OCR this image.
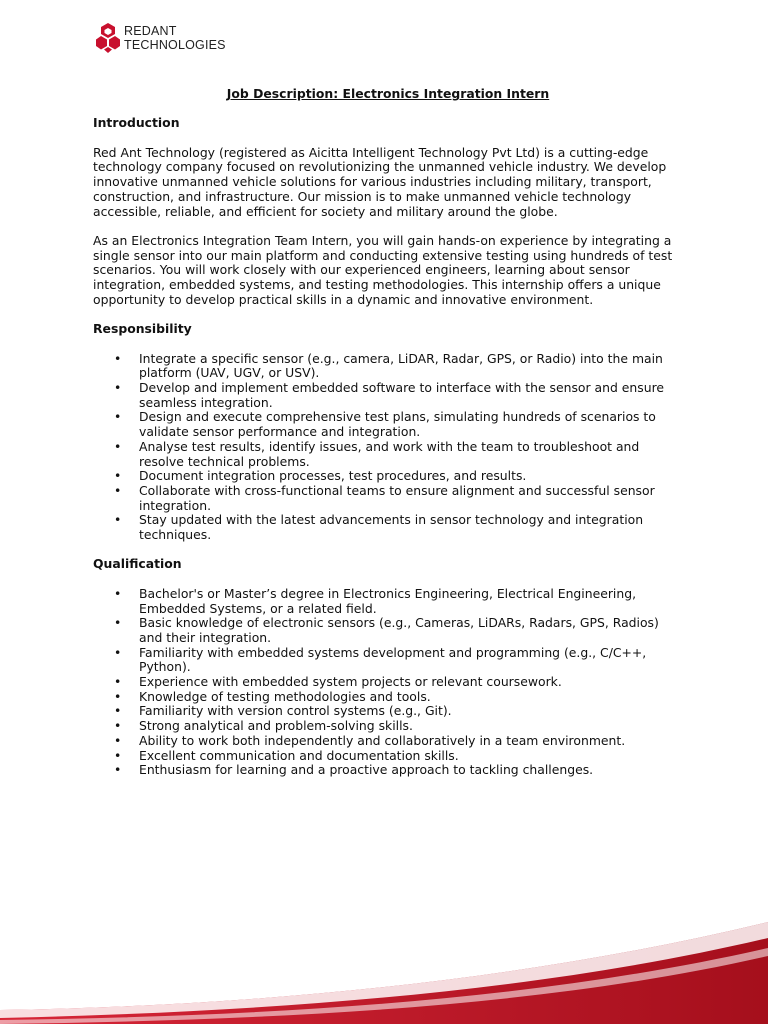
REDANT
TECHNOLOGIES
Job Description: Electronics Integration Intern
Introduction

Red Ant Technology (registered as Aicitta Intelligent Technology Pvt Ltd) is a cutting-edge technology company focused on revolutionizing the unmanned vehicle industry. We develop innovative unmanned vehicle solutions for various industries including military, transport, construction, and infrastructure. Our mission is to make unmanned vehicle technology accessible, reliable, and efficient for society and military around the globe.

As an Electronics Integration Team Intern, you will gain hands-on experience by integrating a single sensor into our main platform and conducting extensive testing using hundreds of test scenarios. You will work closely with our experienced engineers, learning about sensor integration, embedded systems, and testing methodologies. This internship offers a unique opportunity to develop practical skills in a dynamic and innovative environment.

Responsibility
• Integrate a specific sensor (e.g., camera, LiDAR, Radar, GPS, or Radio) into the main platform (UAV, UGV, or USV).
• Develop and implement embedded software to interface with the sensor and ensure seamless integration.
• Design and execute comprehensive test plans, simulating hundreds of scenarios to validate sensor performance and integration.
• Analyse test results, identify issues, and work with the team to troubleshoot and resolve technical problems.
• Document integration processes, test procedures, and results.
• Collaborate with cross-functional teams to ensure alignment and successful sensor integration.
• Stay updated with the latest advancements in sensor technology and integration techniques.
Qualification
• Bachelor's or Master’s degree in Electronics Engineering, Electrical Engineering, Embedded Systems, or a related field.
• Basic knowledge of electronic sensors (e.g., Cameras, LiDARs, Radars, GPS, Radios) and their integration.
• Familiarity with embedded systems development and programming (e.g., C/C++, Python).
• Experience with embedded system projects or relevant coursework.
• Knowledge of testing methodologies and tools.
• Familiarity with version control systems (e.g., Git).
• Strong analytical and problem-solving skills.
• Ability to work both independently and collaboratively in a team environment.
• Excellent communication and documentation skills.
• Enthusiasm for learning and a proactive approach to tackling challenges.
